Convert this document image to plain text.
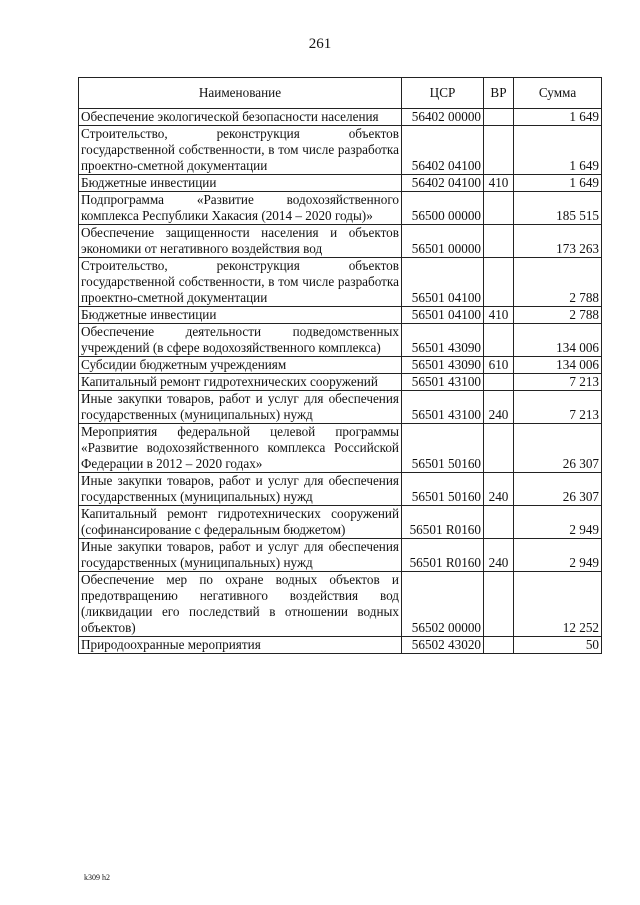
261
Наименование	ЦСР	ВР	Сумма
Обеспечение экологической безопасности населения	56402 00000		1 649
Строительство, реконструкция объектов государственной собственности, в том числе разработка проектно-сметной документации	56402 04100		1 649
Бюджетные инвестиции	56402 04100	410	1 649
Подпрограмма «Развитие водохозяйственного комплекса Республики Хакасия (2014 – 2020 годы)»	56500 00000		185 515
Обеспечение защищенности населения и объектов экономики от негативного воздействия вод	56501 00000		173 263
Строительство, реконструкция объектов государственной собственности, в том числе разработка проектно-сметной документации	56501 04100		2 788
Бюджетные инвестиции	56501 04100	410	2 788
Обеспечение деятельности подведомственных учреждений (в сфере водохозяйственного комплекса)	56501 43090		134 006
Субсидии бюджетным учреждениям	56501 43090	610	134 006
Капитальный ремонт гидротехнических сооружений	56501 43100		7 213
Иные закупки товаров, работ и услуг для обеспечения государственных (муниципальных) нужд	56501 43100	240	7 213
Мероприятия федеральной целевой программы «Развитие водохозяйственного комплекса Российской Федерации в 2012 – 2020 годах»	56501 50160		26 307
Иные закупки товаров, работ и услуг для обеспечения государственных (муниципальных) нужд	56501 50160	240	26 307
Капитальный ремонт гидротехнических сооружений (софинансирование с федеральным бюджетом)	56501 R0160		2 949
Иные закупки товаров, работ и услуг для обеспечения государственных (муниципальных) нужд	56501 R0160	240	2 949
Обеспечение мер по охране водных объектов и предотвращению негативного воздействия вод (ликвидации его последствий в отношении водных объектов)	56502 00000		12 252
Природоохранные мероприятия	56502 43020		50
k309 h2
